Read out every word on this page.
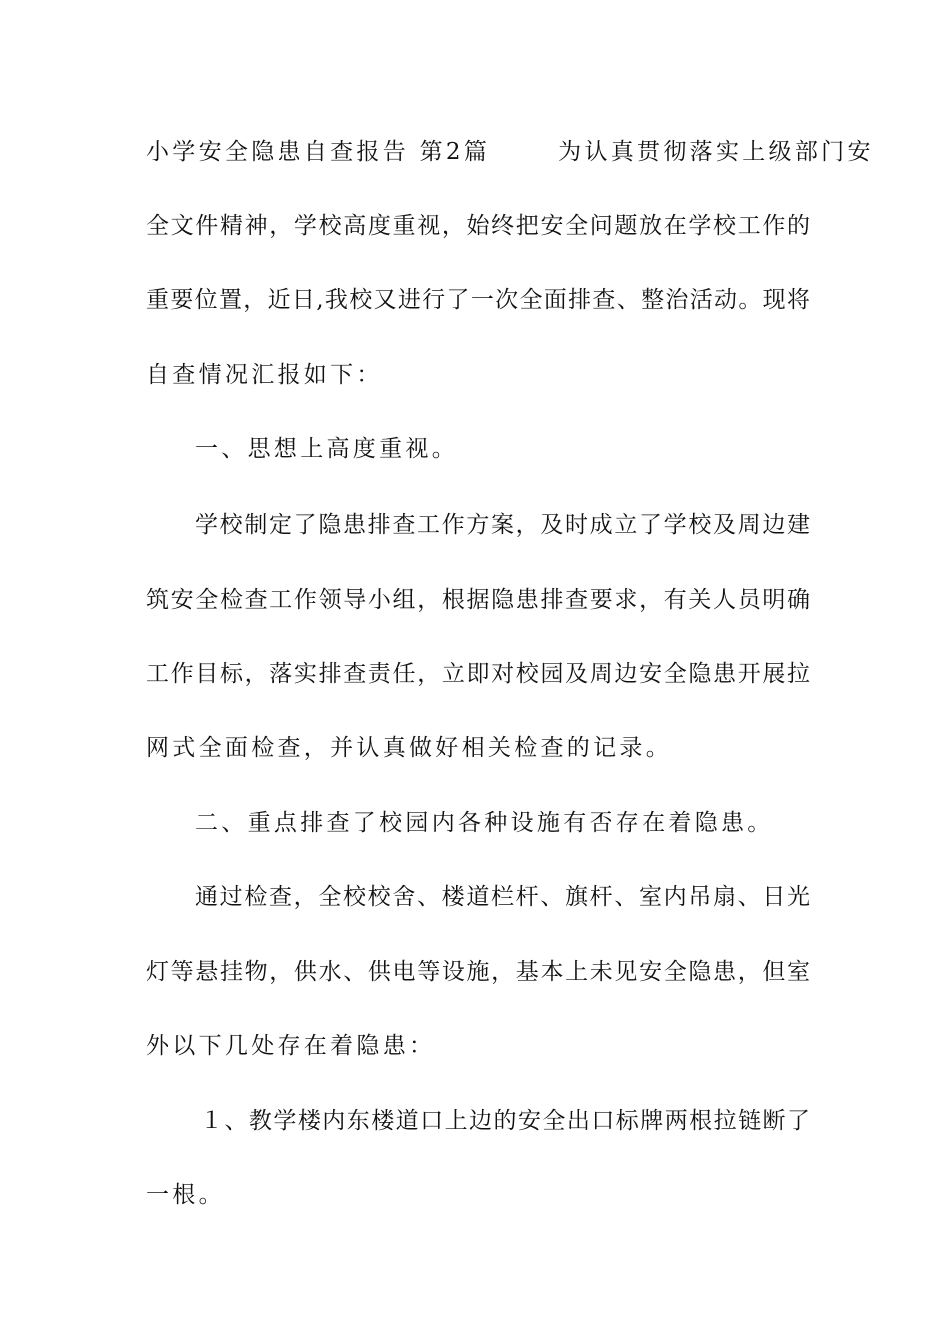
小学安全隐患自查报告 第2篇	为认真贯彻落实上级部门安
全文件精神，学校高度重视，始终把安全问题放在学校工作的
重要位置，近日,我校又进行了一次全面排查、整治活动。现将
自查情况汇报如下：
一、思想上高度重视。
学校制定了隐患排查工作方案，及时成立了学校及周边建
筑安全检查工作领导小组，根据隐患排查要求，有关人员明确
工作目标，落实排查责任，立即对校园及周边安全隐患开展拉
网式全面检查，并认真做好相关检查的记录。
二、重点排查了校园内各种设施有否存在着隐患。
通过检查，全校校舍、楼道栏杆、旗杆、室内吊扇、日光
灯等悬挂物，供水、供电等设施，基本上未见安全隐患，但室
外以下几处存在着隐患：
１、教学楼内东楼道口上边的安全出口标牌两根拉链断了
一根。
